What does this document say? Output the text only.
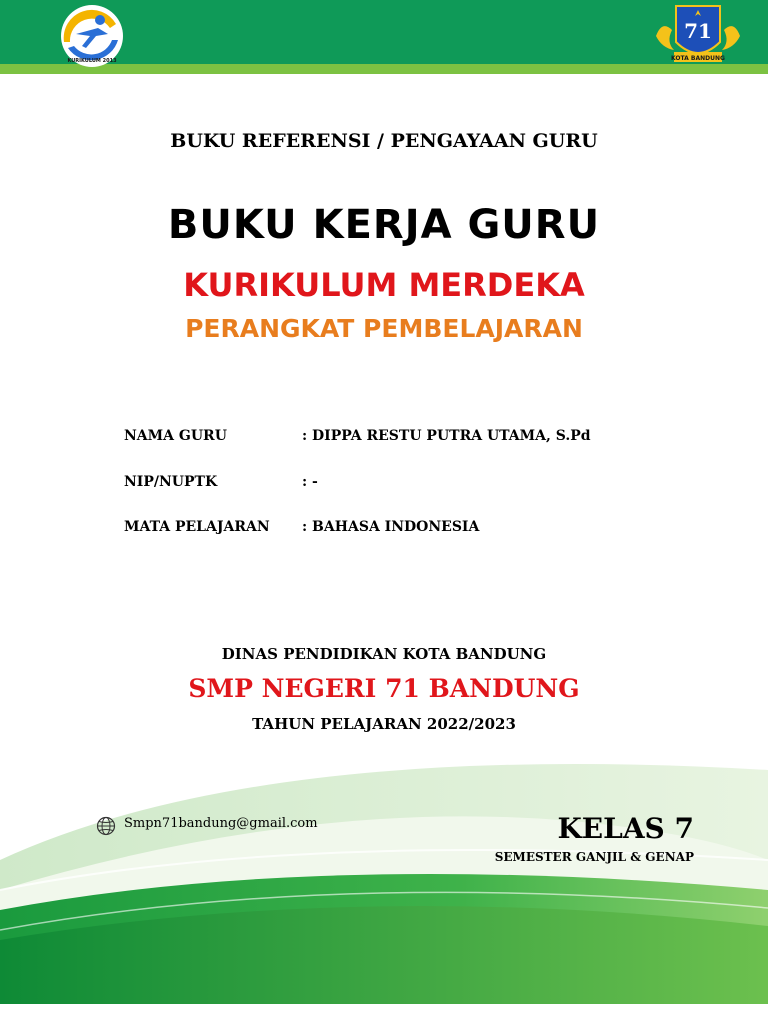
KURIKULUM 2013
71
KOTA BANDUNG
BUKU REFERENSI / PENGAYAAN GURU
BUKU KERJA GURU
KURIKULUM MERDEKA
PERANGKAT PEMBELAJARAN
NAMA GURU	: DIPPA RESTU PUTRA UTAMA, S.Pd
NIP/NUPTK	: -
MATA PELAJARAN : BAHASA INDONESIA
DINAS PENDIDIKAN KOTA BANDUNG
SMP NEGERI 71 BANDUNG
TAHUN PELAJARAN 2022/2023
Smpn71bandung@gmail.com	KELAS 7
SEMESTER GANJIL & GENAP
